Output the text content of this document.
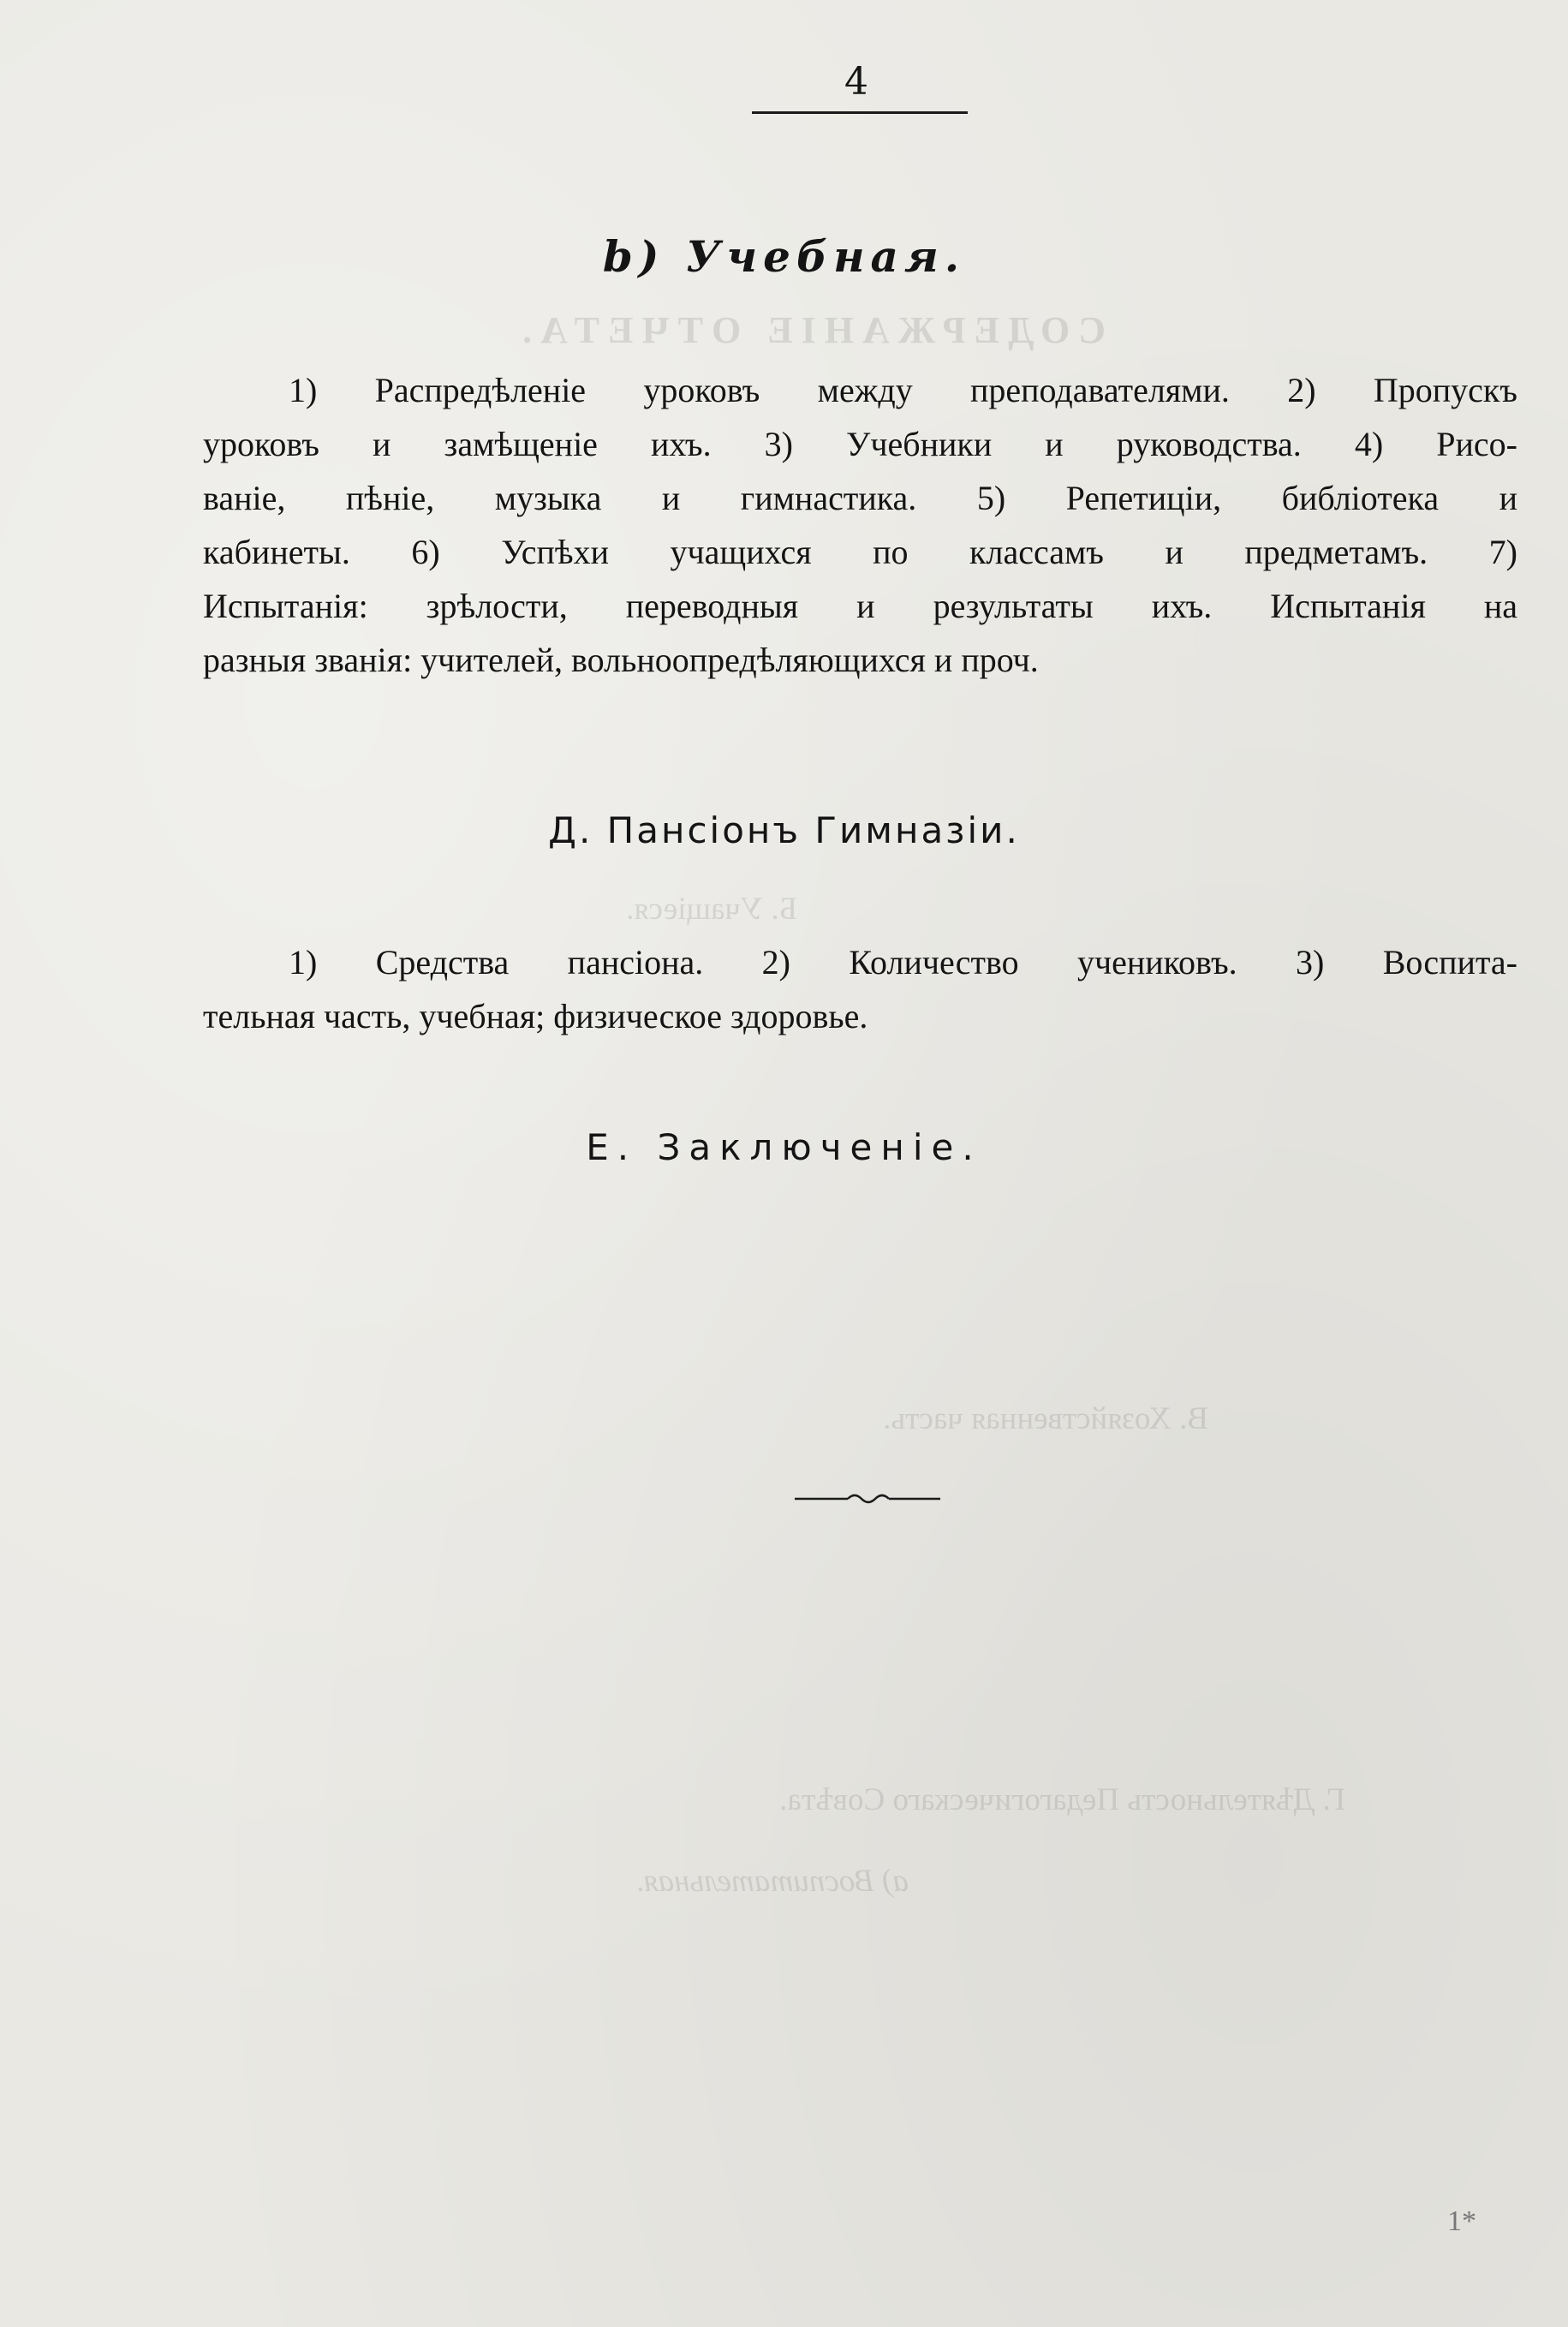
СОДЕРЖАНІЕ ОТЧЕТА.
Б. Учащіеся.
В. Хозяйственная часть.
Г. Дѣятельность Педагогическаго Совѣта.
a) Воспитательная.
4
b) Учебная.
1) Распредѣленіе уроковъ между преподавателями. 2) Пропускъ
уроковъ и замѣщеніе ихъ. 3) Учебники и руководства. 4) Рисо-
ваніе, пѣніе, музыка и гимнастика. 5) Репетиціи, библіотека и
кабинеты. 6) Успѣхи учащихся по классамъ и предметамъ. 7)
Испытанія: зрѣлости, переводныя и результаты ихъ. Испытанія на
разныя званія: учителей, вольноопредѣляющихся и проч.
Д. Пансіонъ Гимназіи.
1) Средства пансіона. 2) Количество учениковъ. 3) Воспита-
тельная часть, учебная; физическое здоровье.
Е. Заключеніе.
1*
